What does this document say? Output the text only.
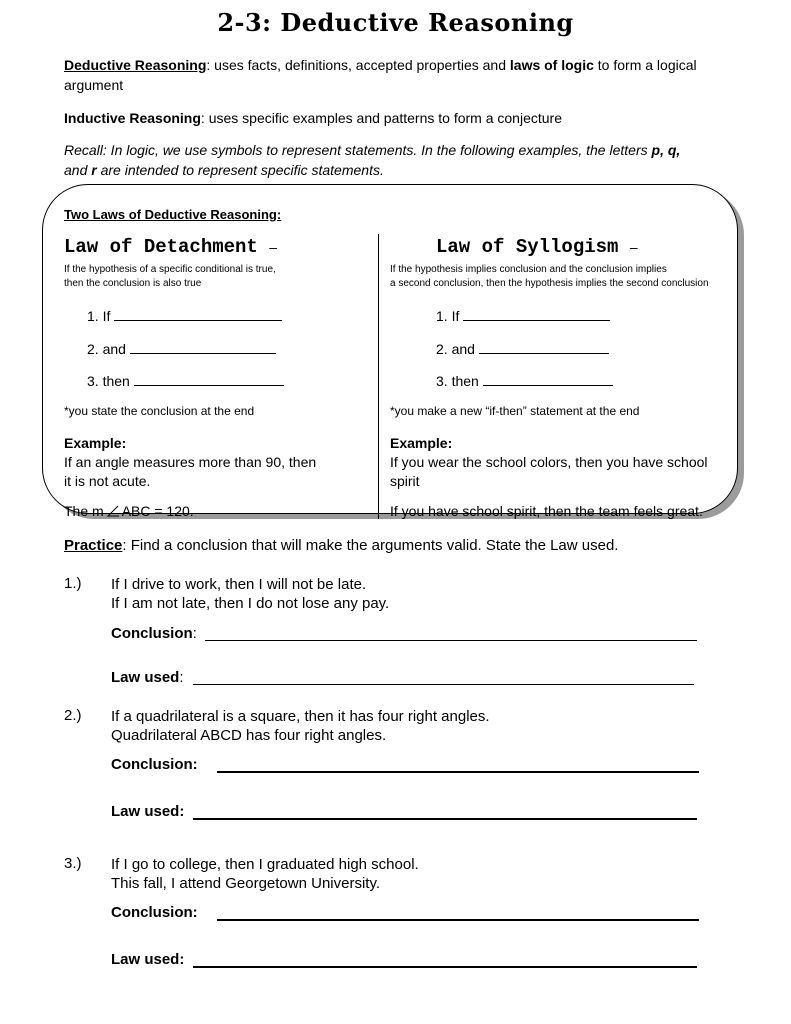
2-3: Deductive Reasoning
Deductive Reasoning: uses facts, definitions, accepted properties and laws of logic to form a logical
argument
Inductive Reasoning: uses specific examples and patterns to form a conjecture
Recall: In logic, we use symbols to represent statements. In the following examples, the letters p, q,
and r are intended to represent specific statements.
Two Laws of Deductive Reasoning:
Law of Detachment –
If the hypothesis of a specific conditional is true,
then the conclusion is also true
1. If
2. and
3. then
*you state the conclusion at the end
Example:
If an angle measures more than 90, then
it is not acute.
The m ABC = 120.
Law of Syllogism –
If the hypothesis implies conclusion and the conclusion implies
a second conclusion, then the hypothesis implies the second conclusion
1. If
2. and
3. then
*you make a new “if-then” statement at the end
Example:
If you wear the school colors, then you have school
spirit
If you have school spirit, then the team feels great.
Practice: Find a conclusion that will make the arguments valid. State the Law used.
1.) If I drive to work, then I will not be late.
If I am not late, then I do not lose any pay.
Conclusion:
Law used:
2.) If a quadrilateral is a square, then it has four right angles.
Quadrilateral ABCD has four right angles.
Conclusion:
Law used:
3.) If I go to college, then I graduated high school.
This fall, I attend Georgetown University.
Conclusion:
Law used:
